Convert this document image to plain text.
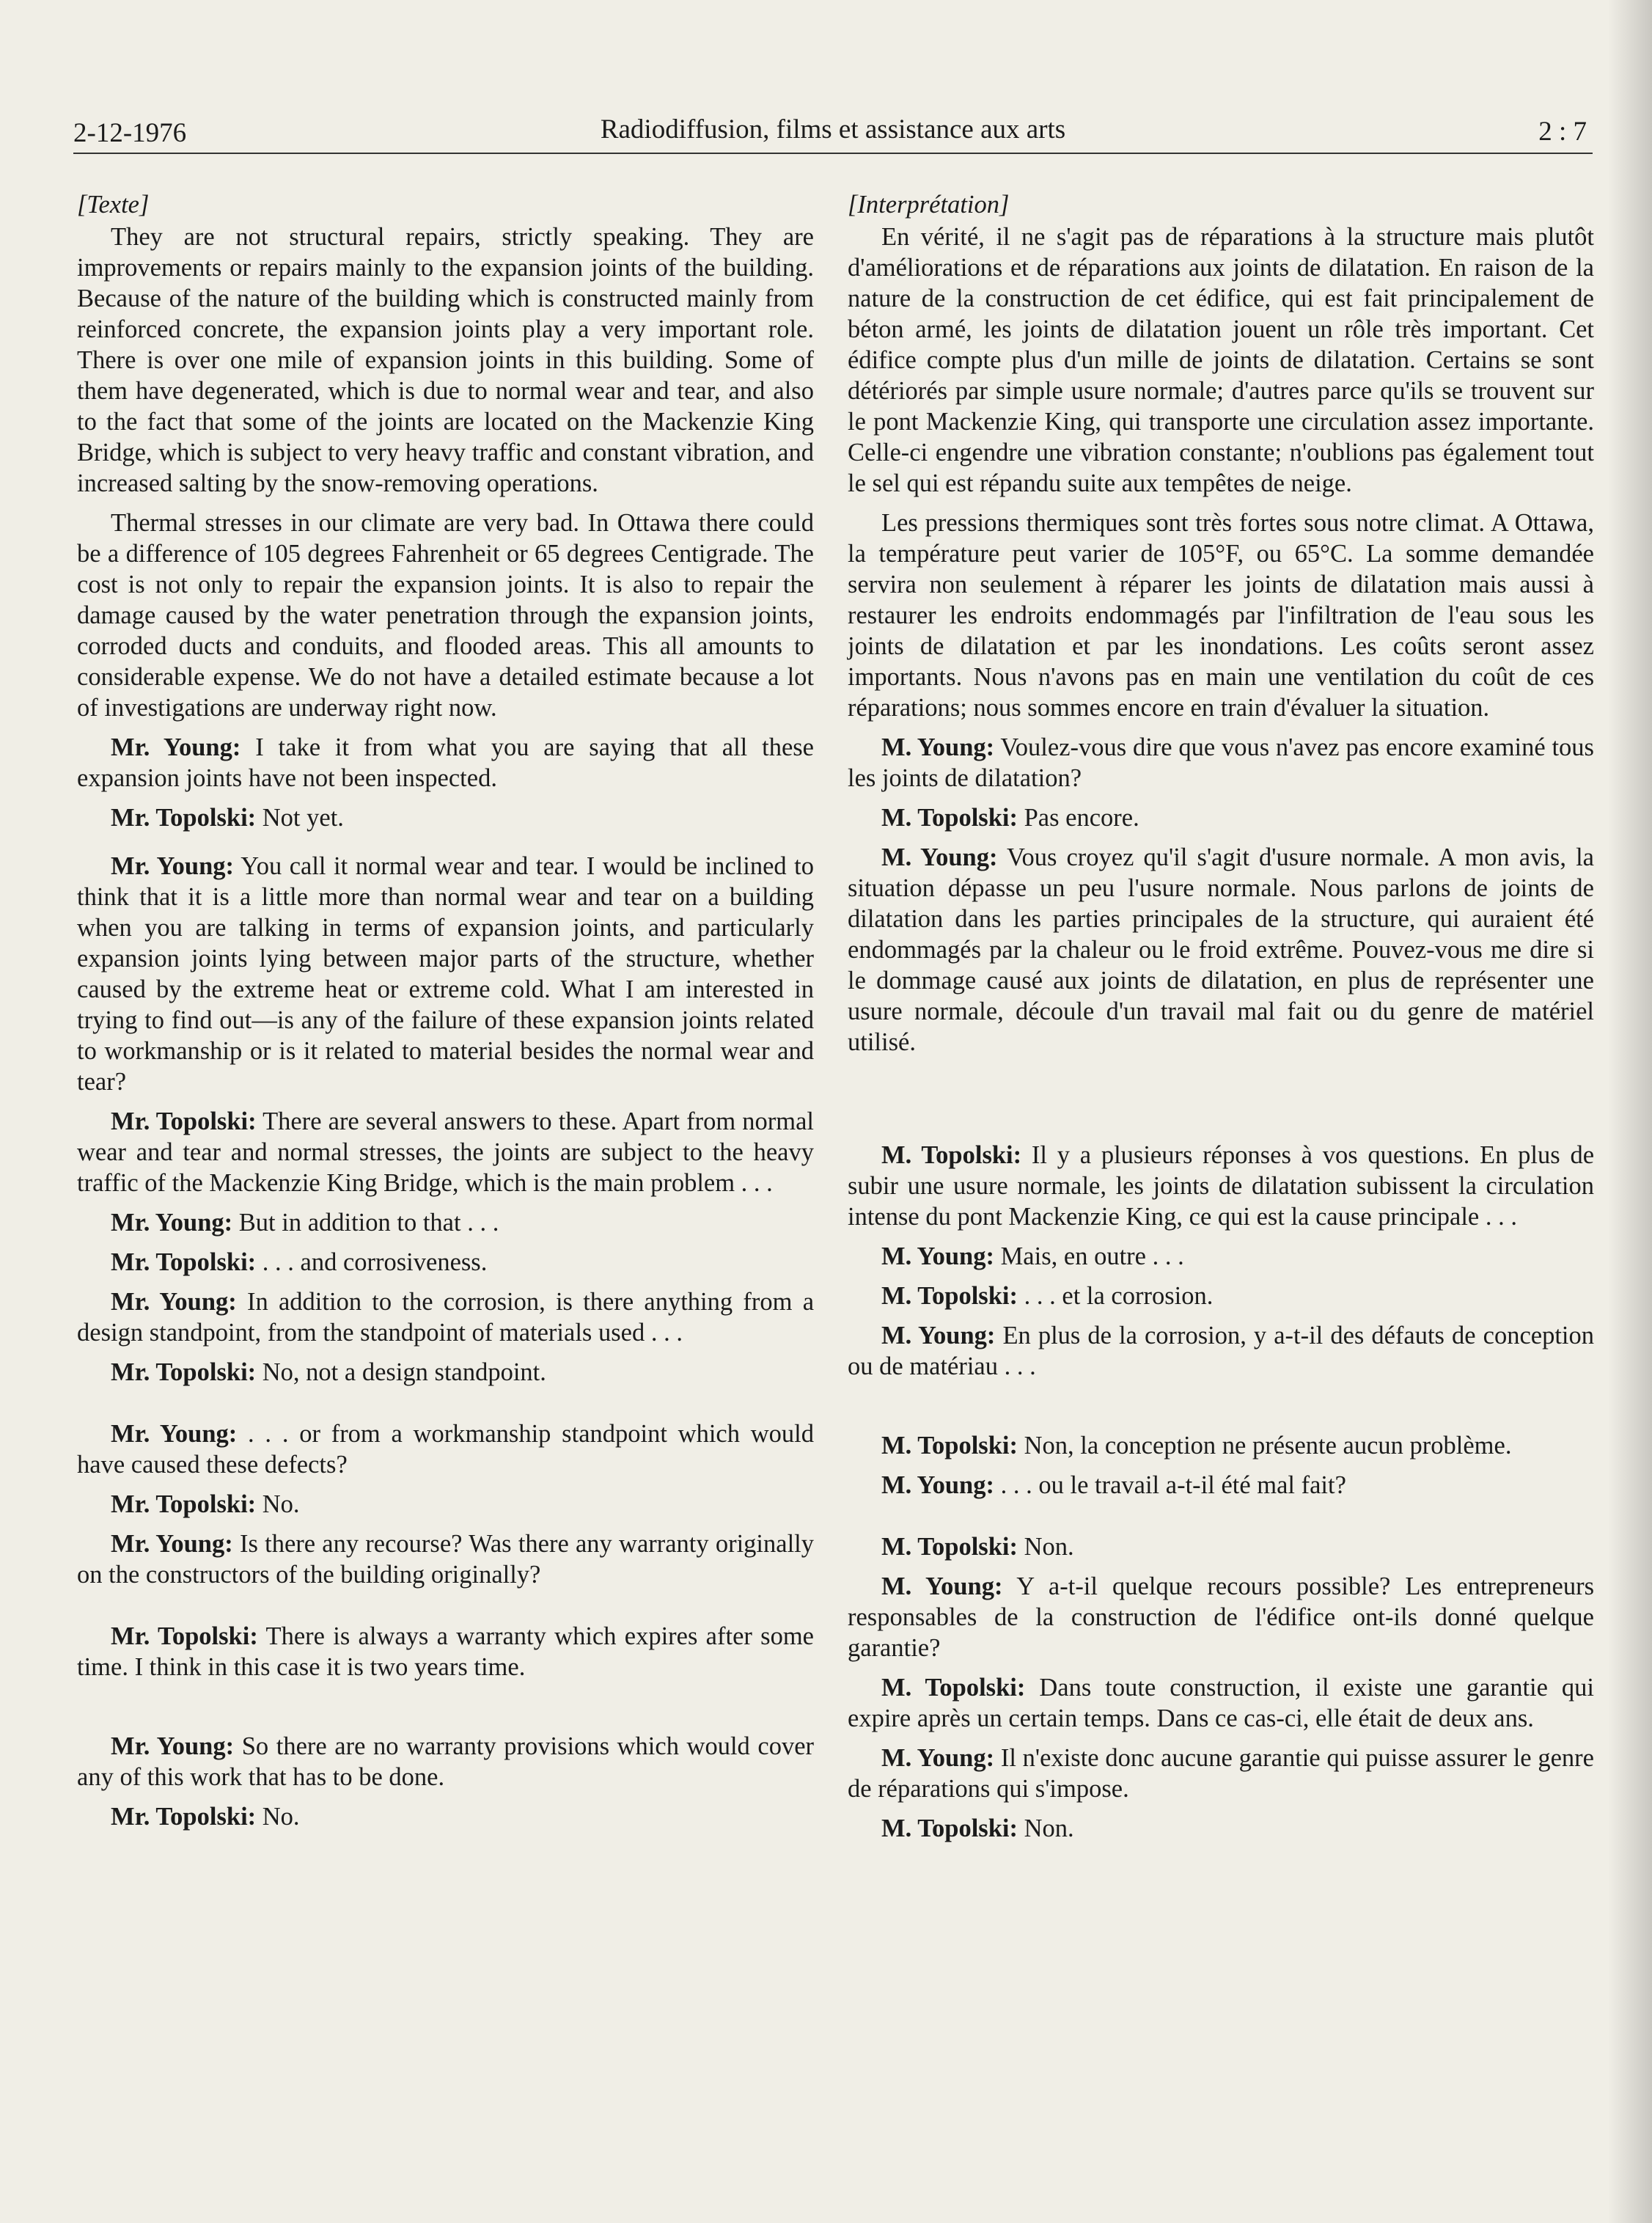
2-12-1976	Radiodiffusion, films et assistance aux arts	2 : 7

[Texte]

They are not structural repairs, strictly speaking. They are improvements or repairs mainly to the expansion joints of the building. Because of the nature of the building which is constructed mainly from reinforced concrete, the expansion joints play a very important role. There is over one mile of expansion joints in this building. Some of them have degenerated, which is due to normal wear and tear, and also to the fact that some of the joints are located on the Mackenzie King Bridge, which is subject to very heavy traffic and constant vibration, and increased salting by the snow-removing operations.

Thermal stresses in our climate are very bad. In Ottawa there could be a difference of 105 degrees Fahrenheit or 65 degrees Centigrade. The cost is not only to repair the expansion joints. It is also to repair the damage caused by the water penetration through the expansion joints, corroded ducts and conduits, and flooded areas. This all amounts to considerable expense. We do not have a detailed estimate because a lot of investigations are underway right now.

Mr. Young: I take it from what you are saying that all these expansion joints have not been inspected.

Mr. Topolski: Not yet.

Mr. Young: You call it normal wear and tear. I would be inclined to think that it is a little more than normal wear and tear on a building when you are talking in terms of expansion joints, and particularly expansion joints lying between major parts of the structure, whether caused by the extreme heat or extreme cold. What I am interested in trying to find out—is any of the failure of these expansion joints related to workmanship or is it related to material besides the normal wear and tear?

Mr. Topolski: There are several answers to these. Apart from normal wear and tear and normal stresses, the joints are subject to the heavy traffic of the Mackenzie King Bridge, which is the main problem . . .

Mr. Young: But in addition to that . . .

Mr. Topolski: . . . and corrosiveness.

Mr. Young: In addition to the corrosion, is there anything from a design standpoint, from the standpoint of materials used . . .

Mr. Topolski: No, not a design standpoint.

Mr. Young: . . . or from a workmanship standpoint which would have caused these defects?

Mr. Topolski: No.

Mr. Young: Is there any recourse? Was there any warranty originally on the constructors of the building originally?

Mr. Topolski: There is always a warranty which expires after some time. I think in this case it is two years time.

Mr. Young: So there are no warranty provisions which would cover any of this work that has to be done.

Mr. Topolski: No.

[Interprétation]

En vérité, il ne s'agit pas de réparations à la structure mais plutôt d'améliorations et de réparations aux joints de dilatation. En raison de la nature de la construction de cet édifice, qui est fait principalement de béton armé, les joints de dilatation jouent un rôle très important. Cet édifice compte plus d'un mille de joints de dilatation. Certains se sont détériorés par simple usure normale; d'autres parce qu'ils se trouvent sur le pont Mackenzie King, qui transporte une circulation assez importante. Celle-ci engendre une vibration constante; n'oublions pas également tout le sel qui est répandu suite aux tempêtes de neige.

Les pressions thermiques sont très fortes sous notre climat. A Ottawa, la température peut varier de 105°F, ou 65°C. La somme demandée servira non seulement à réparer les joints de dilatation mais aussi à restaurer les endroits endommagés par l'infiltration de l'eau sous les joints de dilatation et par les inondations. Les coûts seront assez importants. Nous n'avons pas en main une ventilation du coût de ces réparations; nous sommes encore en train d'évaluer la situation.

M. Young: Voulez-vous dire que vous n'avez pas encore examiné tous les joints de dilatation?

M. Topolski: Pas encore.

M. Young: Vous croyez qu'il s'agit d'usure normale. A mon avis, la situation dépasse un peu l'usure normale. Nous parlons de joints de dilatation dans les parties principales de la structure, qui auraient été endommagés par la chaleur ou le froid extrême. Pouvez-vous me dire si le dommage causé aux joints de dilatation, en plus de représenter une usure normale, découle d'un travail mal fait ou du genre de matériel utilisé.

M. Topolski: Il y a plusieurs réponses à vos questions. En plus de subir une usure normale, les joints de dilatation subissent la circulation intense du pont Mackenzie King, ce qui est la cause principale . . .

M. Young: Mais, en outre . . .

M. Topolski: . . . et la corrosion.

M. Young: En plus de la corrosion, y a-t-il des défauts de conception ou de matériau . . .

M. Topolski: Non, la conception ne présente aucun problème.

M. Young: . . . ou le travail a-t-il été mal fait?

M. Topolski: Non.

M. Young: Y a-t-il quelque recours possible? Les entrepreneurs responsables de la construction de l'édifice ont-ils donné quelque garantie?

M. Topolski: Dans toute construction, il existe une garantie qui expire après un certain temps. Dans ce cas-ci, elle était de deux ans.

M. Young: Il n'existe donc aucune garantie qui puisse assurer le genre de réparations qui s'impose.

M. Topolski: Non.
